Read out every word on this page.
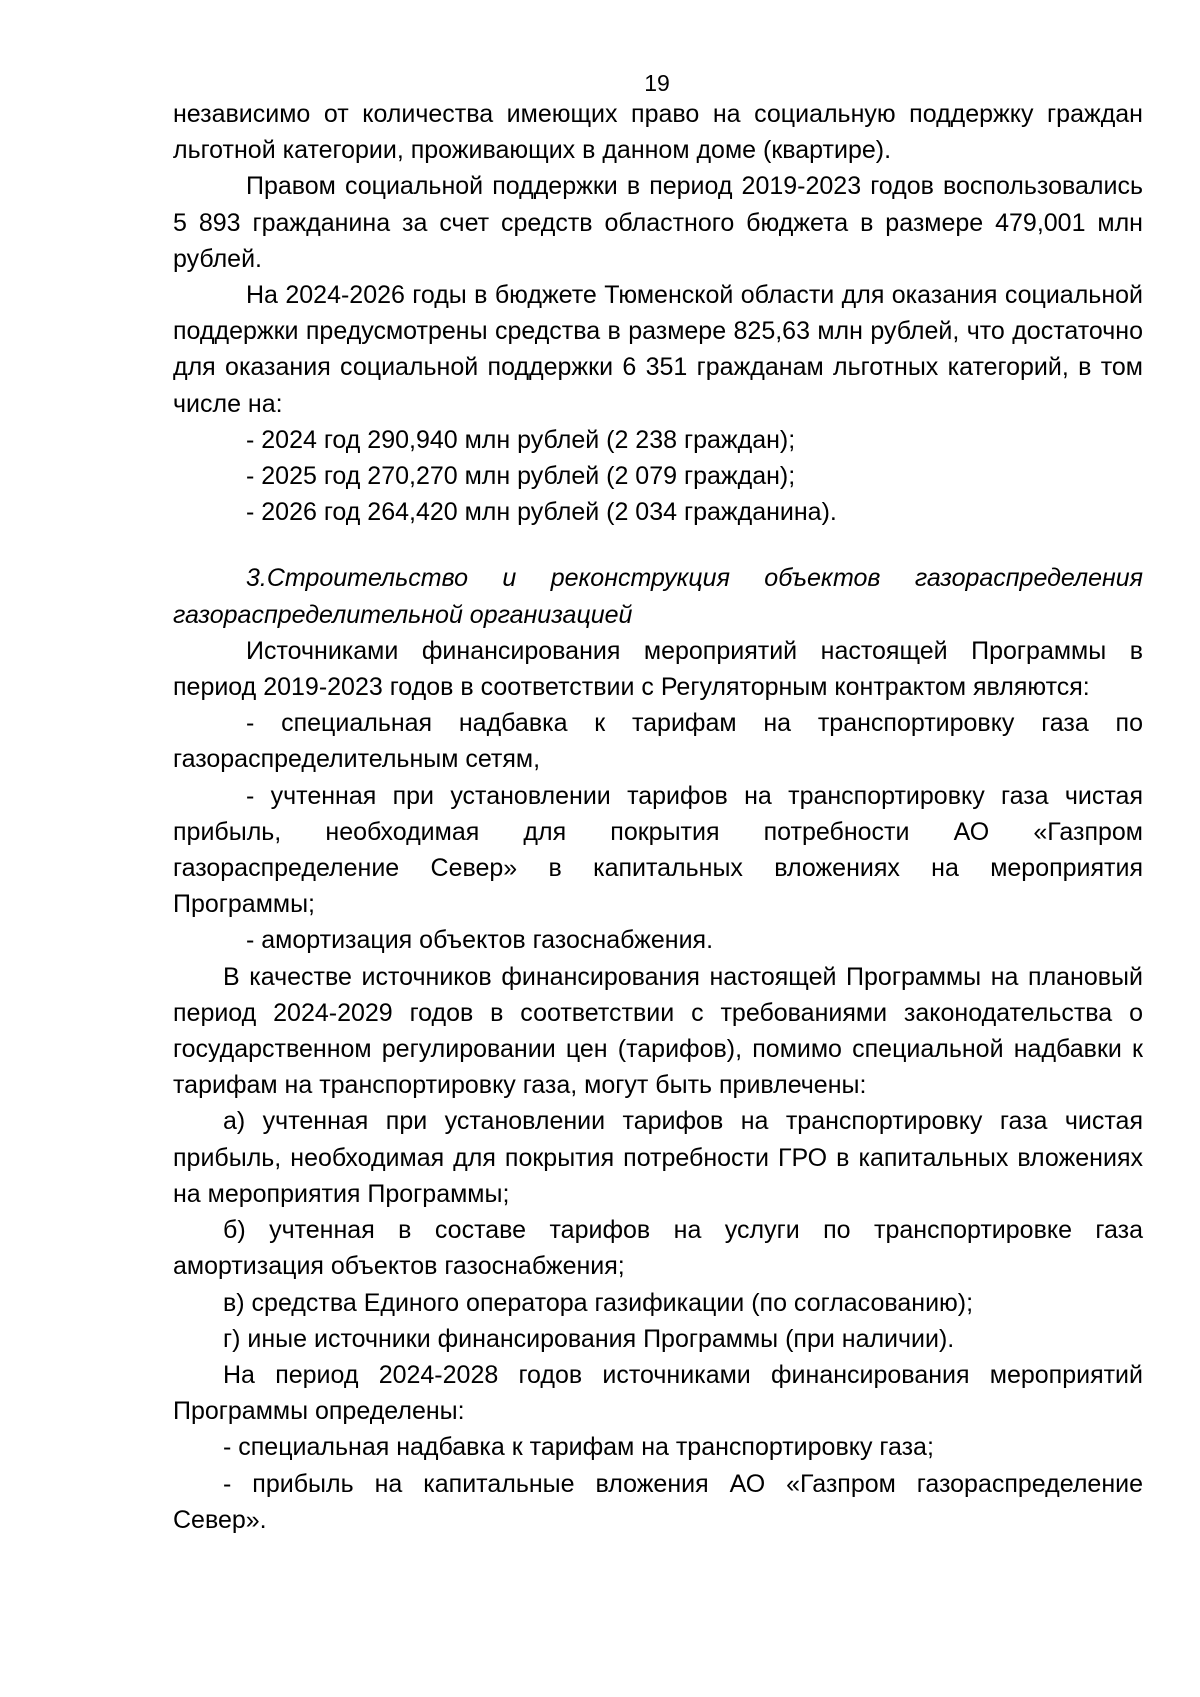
19

независимо от количества имеющих право на социальную поддержку граждан льготной категории, проживающих в данном доме (квартире).

Правом социальной поддержки в период 2019-2023 годов воспользовались 5 893 гражданина за счет средств областного бюджета в размере 479,001 млн рублей.

На 2024-2026 годы в бюджете Тюменской области для оказания социальной поддержки предусмотрены средства в размере 825,63 млн рублей, что достаточно для оказания социальной поддержки 6 351 гражданам льготных категорий, в том числе на:

- 2024 год 290,940 млн рублей (2 238 граждан);

- 2025 год 270,270 млн рублей (2 079 граждан);

- 2026 год 264,420 млн рублей (2 034 гражданина).

3.Строительство и реконструкция объектов газораспределения газораспределительной организацией

Источниками финансирования мероприятий настоящей Программы в период 2019-2023 годов в соответствии с Регуляторным контрактом являются:

- специальная надбавка к тарифам на транспортировку газа по газораспределительным сетям,

- учтенная при установлении тарифов на транспортировку газа чистая прибыль, необходимая для покрытия потребности АО «Газпром газораспределение Север» в капитальных вложениях на мероприятия Программы;

- амортизация объектов газоснабжения.

В качестве источников финансирования настоящей Программы на плановый период 2024-2029 годов в соответствии с требованиями законодательства о государственном регулировании цен (тарифов), помимо специальной надбавки к тарифам на транспортировку газа, могут быть привлечены:

а) учтенная при установлении тарифов на транспортировку газа чистая прибыль, необходимая для покрытия потребности ГРО в капитальных вложениях на мероприятия Программы;

б) учтенная в составе тарифов на услуги по транспортировке газа амортизация объектов газоснабжения;

в) средства Единого оператора газификации (по согласованию);

г) иные источники финансирования Программы (при наличии).

На период 2024-2028 годов источниками финансирования мероприятий Программы определены:

- специальная надбавка к тарифам на транспортировку газа;

- прибыль на капитальные вложения АО «Газпром газораспределение Север».
